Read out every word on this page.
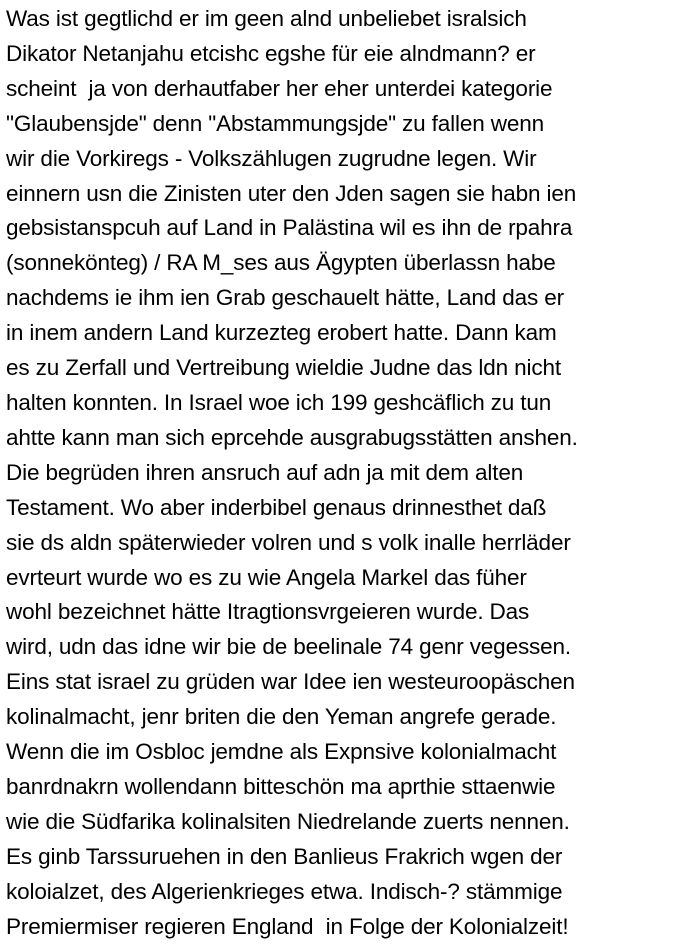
Was ist gegtlichd er im geen alnd unbeliebet isralsich
Dikator Netanjahu etcishc egshe für eie alndmann? er
scheint  ja von derhautfaber her eher unterdei kategorie
"Glaubensjde" denn "Abstammungsjde" zu fallen wenn
wir die Vorkiregs - Volkszählugen zugrudne legen. Wir
einnern usn die Zinisten uter den Jden sagen sie habn ien
gebsistanspcuh auf Land in Palästina wil es ihn de rpahra
(sonnekönteg) / RA M_ses aus Ägypten überlassn habe
nachdems ie ihm ien Grab geschauelt hätte, Land das er
in inem andern Land kurzezteg erobert hatte. Dann kam
es zu Zerfall und Vertreibung wieldie Judne das ldn nicht
halten konnten. In Israel woe ich 199 geshcäflich zu tun
ahtte kann man sich eprcehde ausgrabugsstätten anshen.
Die begrüden ihren ansruch auf adn ja mit dem alten
Testament. Wo aber inderbibel genaus drinnesthet daß
sie ds aldn späterwieder volren und s volk inalle herrläder
evrteurt wurde wo es zu wie Angela Markel das füher
wohl bezeichnet hätte Itragtionsvrgeieren wurde. Das
wird, udn das idne wir bie de beelinale 74 genr vegessen.
Eins stat israel zu grüden war Idee ien westeuroopäschen
kolinalmacht, jenr briten die den Yeman angrefe gerade.
Wenn die im Osbloc jemdne als Expnsive kolonialmacht
banrdnakrn wollendann bitteschön ma aprthie sttaenwie
wie die Südfarika kolinalsiten Niedrelande zuerts nennen.
Es ginb Tarssuruehen in den Banlieus Frakrich wgen der
koloialzet, des Algerienkrieges etwa. Indisch-? stämmige
Premiermiser regieren England  in Folge der Kolonialzeit!
